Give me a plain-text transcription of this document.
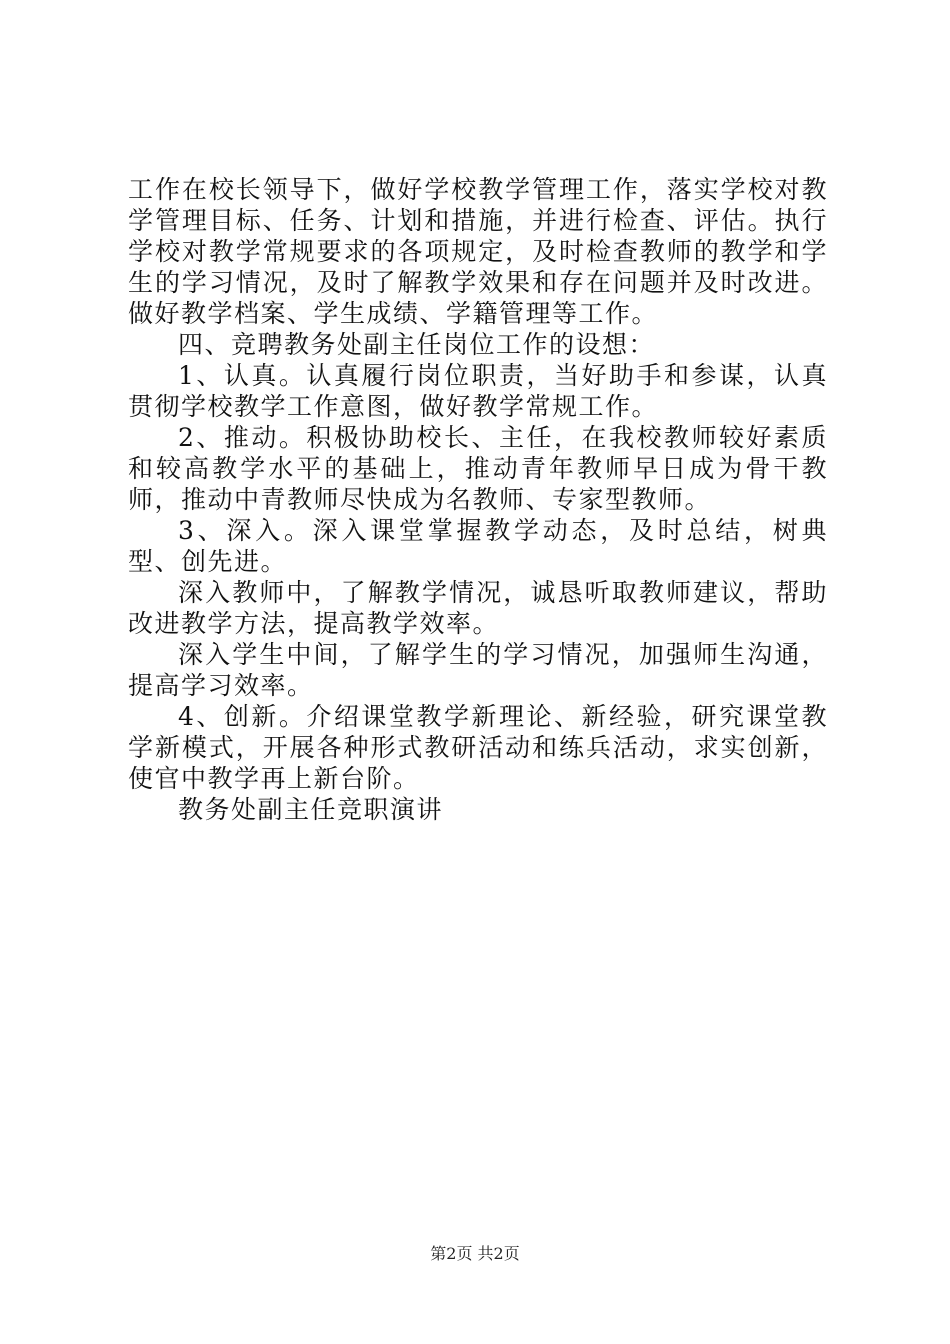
工作在校长领导下，做好学校教学管理工作，落实学校对教学管理目标、任务、计划和措施，并进行检查、评估。执行学校对教学常规要求的各项规定，及时检查教师的教学和学生的学习情况，及时了解教学效果和存在问题并及时改进。做好教学档案、学生成绩、学籍管理等工作。

四、竞聘教务处副主任岗位工作的设想：

1、认真。认真履行岗位职责，当好助手和参谋，认真贯彻学校教学工作意图，做好教学常规工作。

2、推动。积极协助校长、主任，在我校教师较好素质和较高教学水平的基础上，推动青年教师早日成为骨干教师，推动中青教师尽快成为名教师、专家型教师。

3、深入。深入课堂掌握教学动态，及时总结，树典型、创先进。

深入教师中，了解教学情况，诚恳听取教师建议，帮助改进教学方法，提高教学效率。

深入学生中间，了解学生的学习情况，加强师生沟通，提高学习效率。

4、创新。介绍课堂教学新理论、新经验，研究课堂教学新模式，开展各种形式教研活动和练兵活动，求实创新，使官中教学再上新台阶。

教务处副主任竞职演讲

第2页 共2页
